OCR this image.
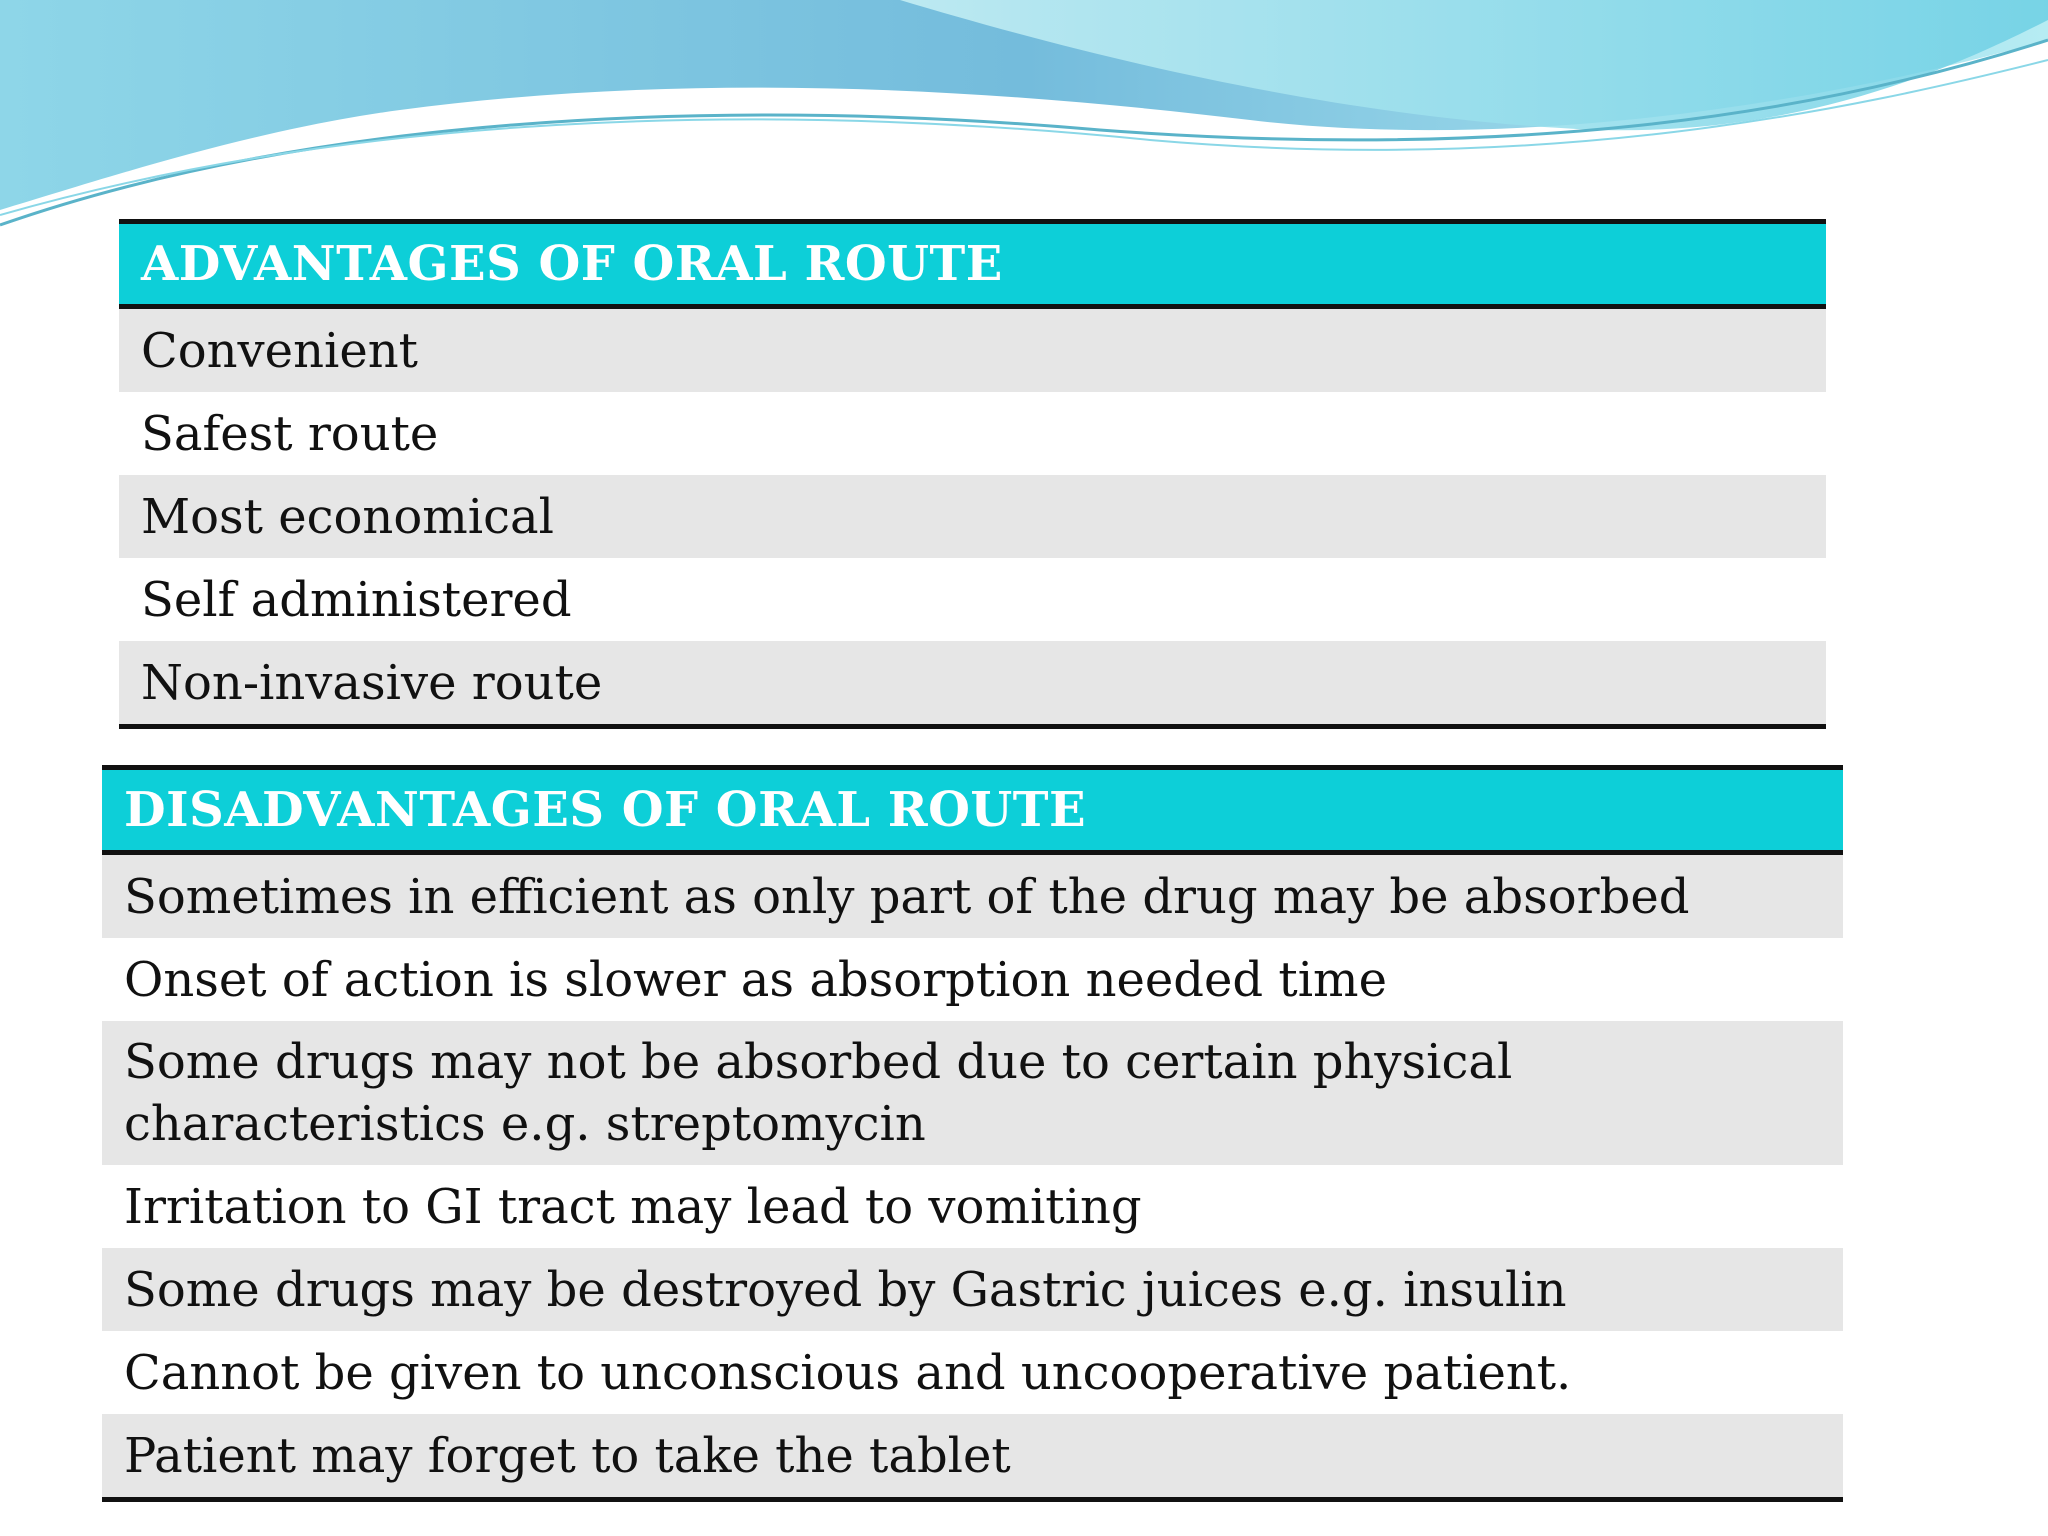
ADVANTAGES OF ORAL ROUTE
Convenient
Safest route
Most economical
Self administered
Non-invasive route
DISADVANTAGES OF ORAL ROUTE
Sometimes in efficient as only part of the drug may be absorbed
Onset of action is slower as absorption needed time
Some drugs may not be absorbed due to certain physical characteristics e.g. streptomycin
Irritation to GI tract may lead to vomiting
Some drugs may be destroyed by Gastric juices e.g. insulin
Cannot be given to unconscious and uncooperative patient.
Patient may forget to take the tablet
